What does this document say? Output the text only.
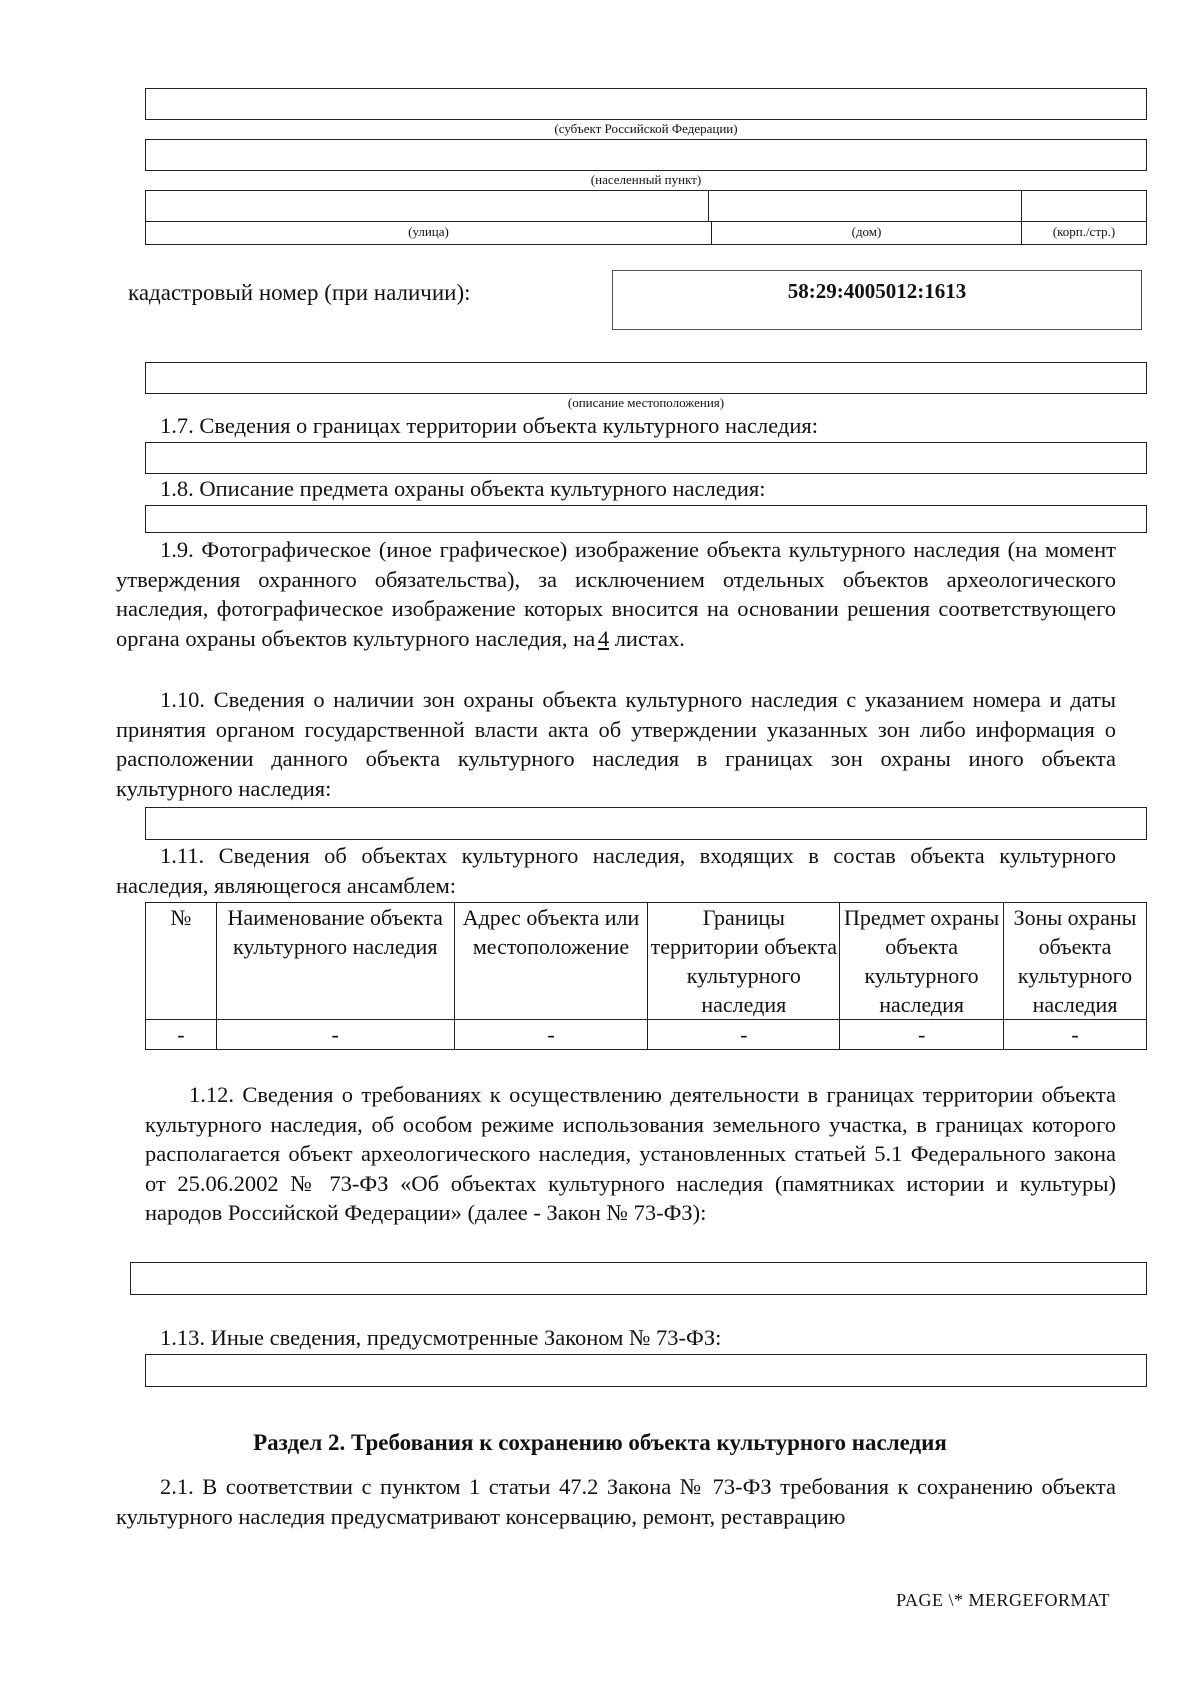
(субъект Российской Федерации)
(населенный пункт)
(улица)	(дом)	(корп./стр.)
кадастровый номер (при наличии):	58:29:4005012:1613
(описание местоположения)
1.7. Сведения о границах территории объекта культурного наследия:
1.8. Описание предмета охраны объекта культурного наследия:
1.9. Фотографическое (иное графическое) изображение объекта культурного наследия (на момент утверждения охранного обязательства), за исключением отдельных объектов археологического наследия, фотографическое изображение которых вносится на основании решения соответствующего органа охраны объектов культурного наследия, на 4 листах.
1.10. Сведения о наличии зон охраны объекта культурного наследия с указанием номера и даты принятия органом государственной власти акта об утверждении указанных зон либо информация о расположении данного объекта культурного наследия в границах зон охраны иного объекта культурного наследия:
1.11. Сведения об объектах культурного наследия, входящих в состав объекта культурного наследия, являющегося ансамблем:
№	Наименование объекта культурного наследия	Адрес объекта или местоположение	Границы территории объекта культурного наследия	Предмет охраны объекта культурного наследия	Зоны охраны объекта культурного наследия
-	-	-	-	-	-
1.12. Сведения о требованиях к осуществлению деятельности в границах территории объекта культурного наследия, об особом режиме использования земельного участка, в границах которого располагается объект археологического наследия, установленных статьей 5.1 Федерального закона от 25.06.2002 № 73-ФЗ «Об объектах культурного наследия (памятниках истории и культуры) народов Российской Федерации» (далее - Закон № 73-ФЗ):
1.13. Иные сведения, предусмотренные Законом № 73-ФЗ:
Раздел 2. Требования к сохранению объекта культурного наследия
2.1. В соответствии с пунктом 1 статьи 47.2 Закона № 73-ФЗ требования к сохранению объекта культурного наследия предусматривают консервацию, ремонт, реставрацию
PAGE \* MERGEFORMAT
